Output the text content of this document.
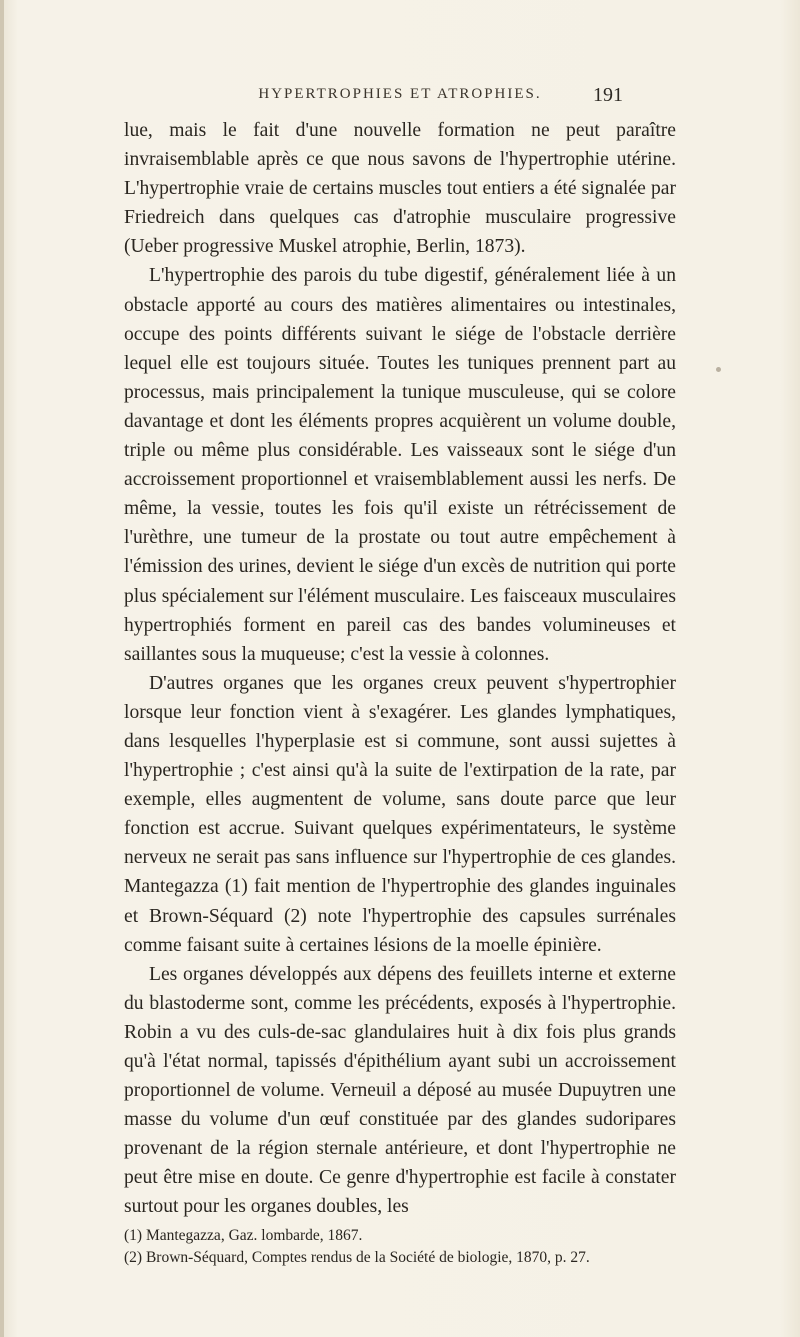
HYPERTROPHIES ET ATROPHIES.	191

lue, mais le fait d'une nouvelle formation ne peut paraître invraisemblable après ce que nous savons de l'hypertrophie utérine. L'hypertrophie vraie de certains muscles tout entiers a été signalée par Friedreich dans quelques cas d'atrophie musculaire progressive (Ueber progressive Muskel atrophie, Berlin, 1873).

L'hypertrophie des parois du tube digestif, généralement liée à un obstacle apporté au cours des matières alimentaires ou intestinales, occupe des points différents suivant le siége de l'obstacle derrière lequel elle est toujours située. Toutes les tuniques prennent part au processus, mais principalement la tunique musculeuse, qui se colore davantage et dont les éléments propres acquièrent un volume double, triple ou même plus considérable. Les vaisseaux sont le siége d'un accroissement proportionnel et vraisemblablement aussi les nerfs. De même, la vessie, toutes les fois qu'il existe un rétrécissement de l'urèthre, une tumeur de la prostate ou tout autre empêchement à l'émission des urines, devient le siége d'un excès de nutrition qui porte plus spécialement sur l'élément musculaire. Les faisceaux musculaires hypertrophiés forment en pareil cas des bandes volumineuses et saillantes sous la muqueuse; c'est la vessie à colonnes.

D'autres organes que les organes creux peuvent s'hypertrophier lorsque leur fonction vient à s'exagérer. Les glandes lymphatiques, dans lesquelles l'hyperplasie est si commune, sont aussi sujettes à l'hypertrophie ; c'est ainsi qu'à la suite de l'extirpation de la rate, par exemple, elles augmentent de volume, sans doute parce que leur fonction est accrue. Suivant quelques expérimentateurs, le système nerveux ne serait pas sans influence sur l'hypertrophie de ces glandes. Mantegazza (1) fait mention de l'hypertrophie des glandes inguinales et Brown-Séquard (2) note l'hypertrophie des capsules surrénales comme faisant suite à certaines lésions de la moelle épinière.

Les organes développés aux dépens des feuillets interne et externe du blastoderme sont, comme les précédents, exposés à l'hypertrophie. Robin a vu des culs-de-sac glandulaires huit à dix fois plus grands qu'à l'état normal, tapissés d'épithélium ayant subi un accroissement proportionnel de volume. Verneuil a déposé au musée Dupuytren une masse du volume d'un œuf constituée par des glandes sudoripares provenant de la région sternale antérieure, et dont l'hypertrophie ne peut être mise en doute. Ce genre d'hypertrophie est facile à constater surtout pour les organes doubles, les

(1) Mantegazza, Gaz. lombarde, 1867.

(2) Brown-Séquard, Comptes rendus de la Société de biologie, 1870, p. 27.
